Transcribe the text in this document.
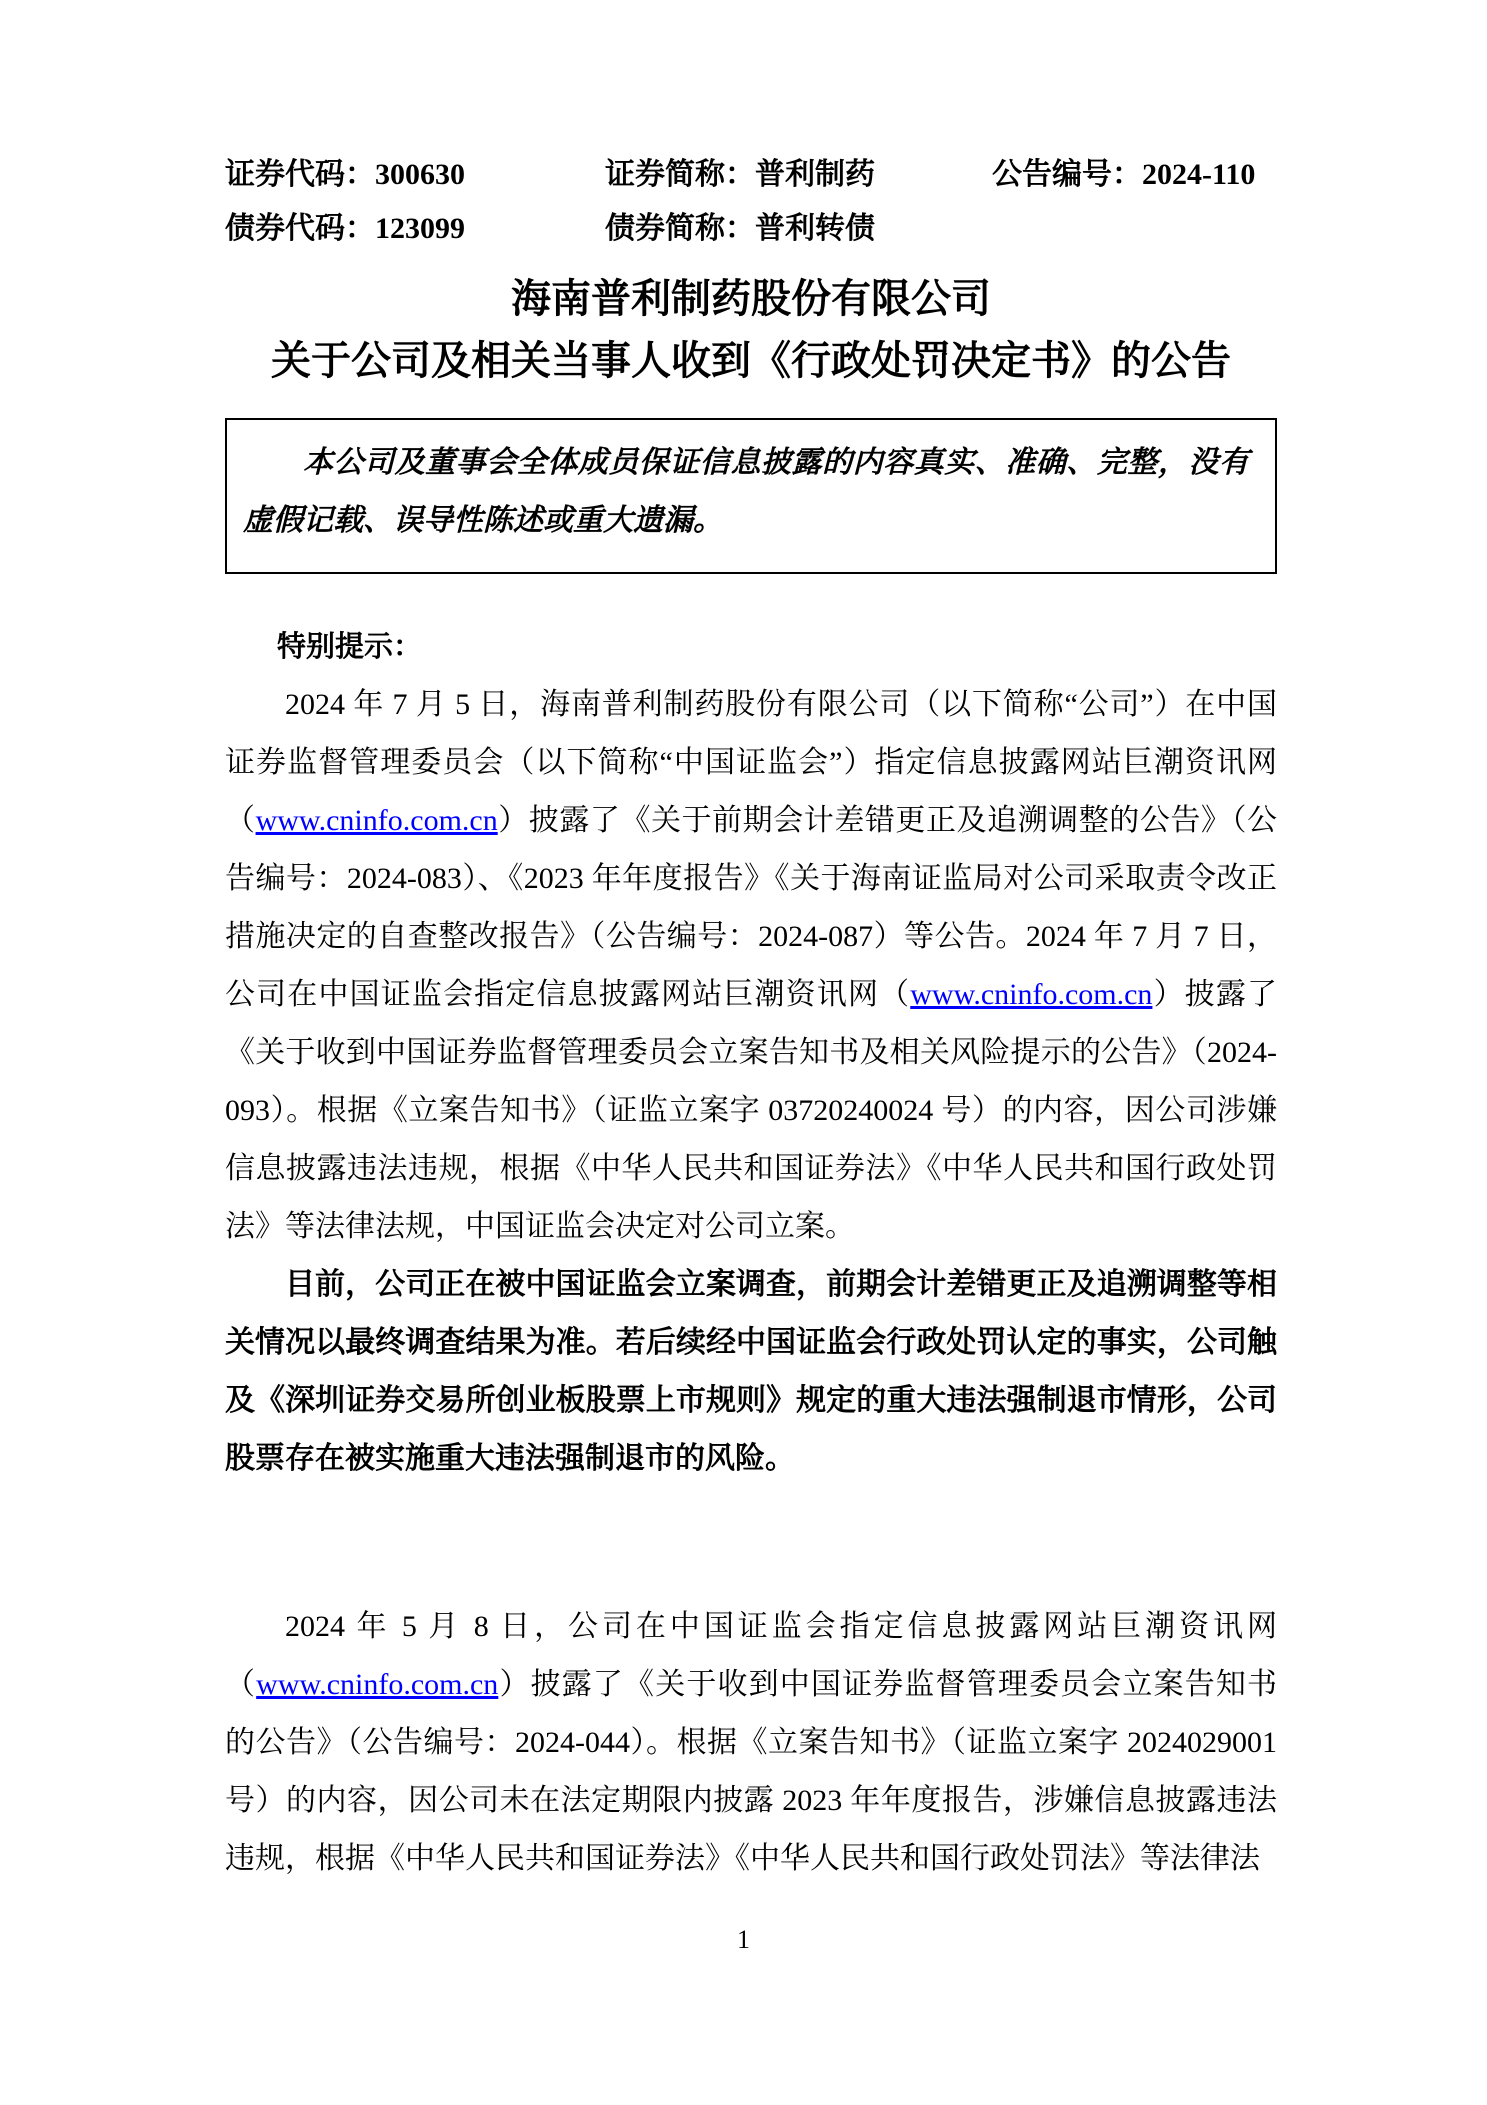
证券代码：300630	证券简称：普利制药	公告编号：2024-110
债券代码：123099	债券简称：普利转债
海南普利制药股份有限公司
关于公司及相关当事人收到《行政处罚决定书》的公告

本公司及董事会全体成员保证信息披露的内容真实、准确、完整，没有虚假记载、误导性陈述或重大遗漏。

特别提示：

2024 年 7 月 5 日，海南普利制药股份有限公司（以下简称“公司”）在中国证券监督管理委员会（以下简称“中国证监会”）指定信息披露网站巨潮资讯网（www.cninfo.com.cn）披露了《关于前期会计差错更正及追溯调整的公告》（公告编号：2024-083）、《2023 年年度报告》《关于海南证监局对公司采取责令改正措施决定的自查整改报告》（公告编号：2024-087）等公告。2024 年 7 月 7 日，公司在中国证监会指定信息披露网站巨潮资讯网（www.cninfo.com.cn）披露了《关于收到中国证券监督管理委员会立案告知书及相关风险提示的公告》（2024-093）。根据《立案告知书》（证监立案字 03720240024 号）的内容，因公司涉嫌信息披露违法违规，根据《中华人民共和国证券法》《中华人民共和国行政处罚法》等法律法规，中国证监会决定对公司立案。

目前，公司正在被中国证监会立案调查，前期会计差错更正及追溯调整等相关情况以最终调查结果为准。若后续经中国证监会行政处罚认定的事实，公司触及《深圳证券交易所创业板股票上市规则》规定的重大违法强制退市情形，公司股票存在被实施重大违法强制退市的风险。

2024 年 5 月 8 日，公司在中国证监会指定信息披露网站巨潮资讯网（www.cninfo.com.cn）披露了《关于收到中国证券监督管理委员会立案告知书的公告》（公告编号：2024-044）。根据《立案告知书》（证监立案字 2024029001 号）的内容，因公司未在法定期限内披露 2023 年年度报告，涉嫌信息披露违法违规，根据《中华人民共和国证券法》《中华人民共和国行政处罚法》等法律法

1
